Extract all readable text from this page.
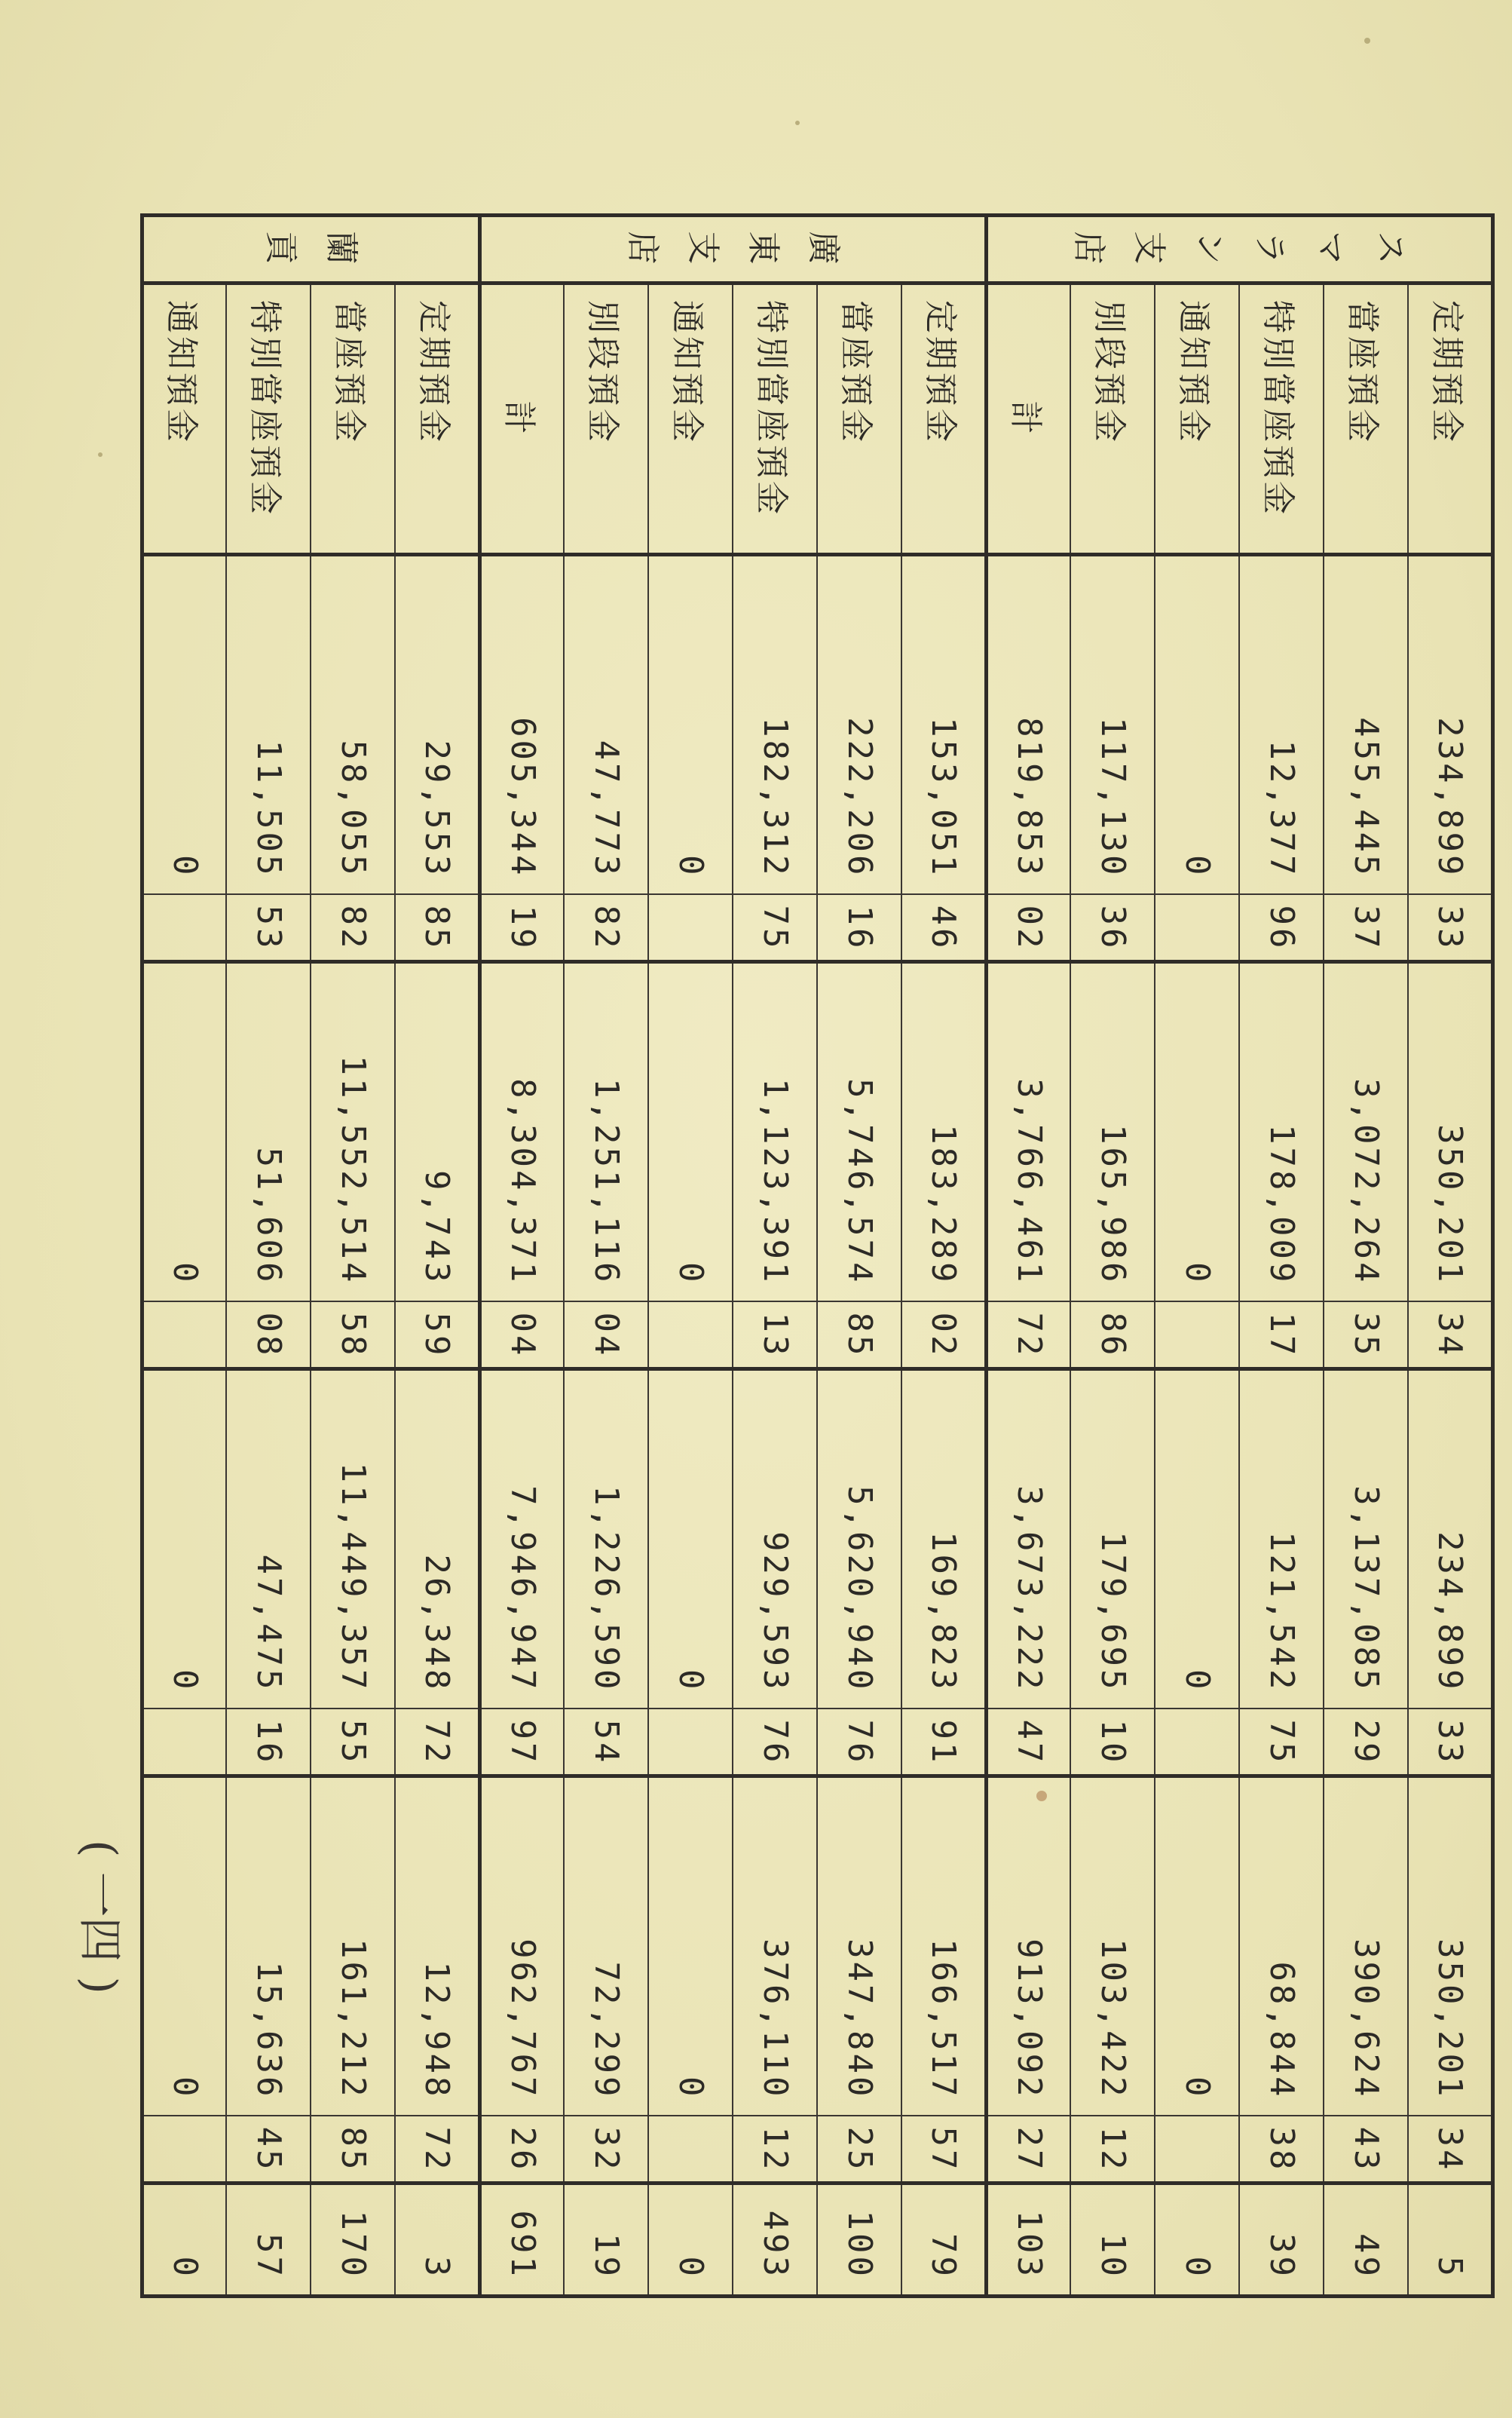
スマラン支店	定期預金	234,899	33	350,201	34	234,899	33	350,201	34	5
	當座預金	455,445	37	3,072,264	35	3,137,085	29	390,624	43	49
	特別當座預金	12,377	96	178,009	17	121,542	75	68,844	38	39
	通知預金	0		0		0		0		0
	別段預金	117,130	36	165,986	86	179,695	10	103,422	12	10
	計	819,853	02	3,766,461	72	3,673,222	47	913,092	27	103
廣東支店	定期預金	153,051	46	183,289	02	169,823	91	166,517	57	79
	當座預金	222,206	16	5,746,574	85	5,620,940	76	347,840	25	100
	特別當座預金	182,312	75	1,123,391	13	929,593	76	376,110	12	493
	通知預金	0		0		0		0		0
	別段預金	47,773	82	1,251,116	04	1,226,590	54	72,299	32	19
	計	605,344	19	8,304,371	04	7,946,947	97	962,767	26	691
蘭貢	定期預金	29,553	85	9,743	59	26,348	72	12,948	72	3
	當座預金	58,055	82	11,552,514	58	11,449,357	55	161,212	85	170
	特別當座預金	11,505	53	51,606	08	47,475	16	15,636	45	57
	通知預金	0		0		0		0		0
( 一四 )
